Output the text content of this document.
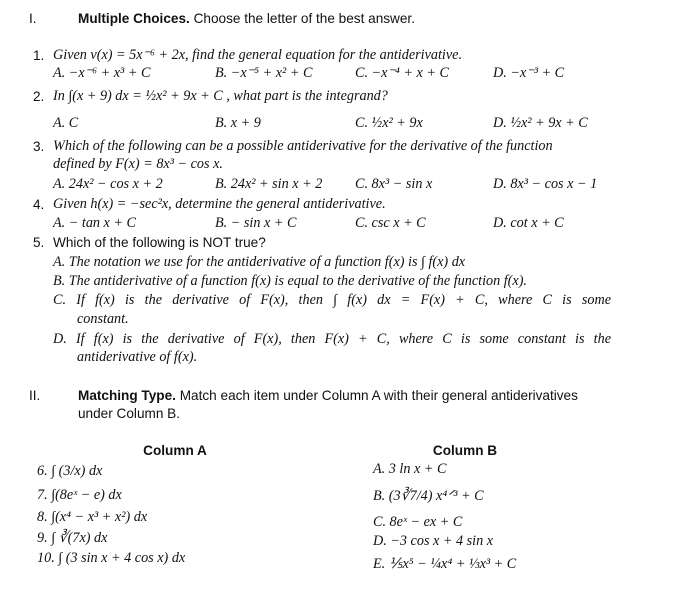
I.	Multiple Choices. Choose the letter of the best answer.
1. Given v(x) = 5x⁻⁶ + 2x, find the general equation for the antiderivative.
A. −x⁻⁶ + x³ + C	B. −x⁻⁵ + x² + C	C. −x⁻⁴ + x + C	D. −x⁻³ + C
2. In ∫(x + 9) dx = ½x² + 9x + C , what part is the integrand?
A. C	B. x + 9	C. ½x² + 9x	D. ½x² + 9x + C
3. Which of the following can be a possible antiderivative for the derivative of the function
defined by F(x) = 8x³ − cos x.
A. 24x² − cos x + 2	B. 24x² + sin x + 2 C. 8x³ − sin x	D. 8x³ − cos x − 1
4. Given h(x) = −sec²x, determine the general antiderivative.
A. − tan x + C	B. − sin x + C	C. csc x + C	D. cot x + C
5. Which of the following is NOT true?
A. The notation we use for the antiderivative of a function f(x) is ∫ f(x) dx
B. The antiderivative of a function f(x) is equal to the derivative of the function f(x).
C. If f(x) is the derivative of F(x), then ∫ f(x) dx = F(x) + C, where C is some
constant.
D. If f(x) is the derivative of F(x), then F(x) + C, where C is some constant is the
antiderivative of f(x).
II.	Matching Type. Match each item under Column A with their general antiderivatives
under Column B.
Column A	Column B
6. ∫ (3/x) dx
7. ∫(8eˣ − e) dx
8. ∫(x⁴ − x³ + x²) dx
9. ∫ ∛(7x) dx
10. ∫ (3 sin x + 4 cos x) dx
A. 3 ln x + C
B. (3∛7/4) x⁴ᐟ³ + C
C. 8eˣ − ex + C
D. −3 cos x + 4 sin x
E. ⅕x⁵ − ¼x⁴ + ⅓x³ + C
